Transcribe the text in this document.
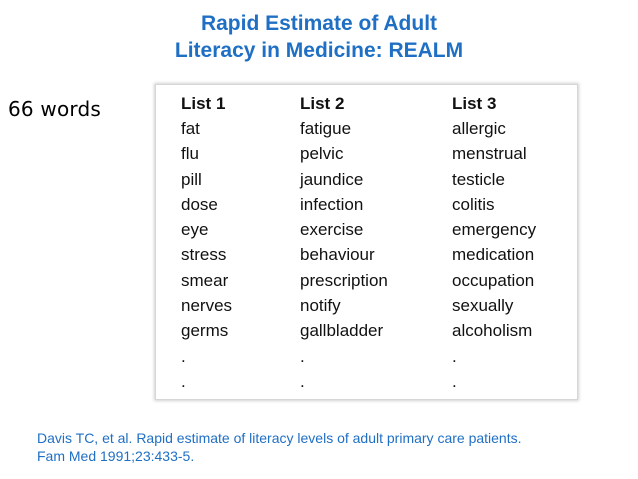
Rapid Estimate of Adult
Literacy in Medicine: REALM
66 words	List 1
fat
flu
pill
dose
eye
stress
smear
nerves
germs
.
.
List 2
fatigue
pelvic
jaundice
infection
exercise
behaviour
prescription
notify
gallbladder
.
.
List 3
allergic
menstrual
testicle
colitis
emergency
medication
occupation
sexually
alcoholism
.
.
Davis TC, et al. Rapid estimate of literacy levels of adult primary care patients.
Fam Med 1991;23:433-5.
